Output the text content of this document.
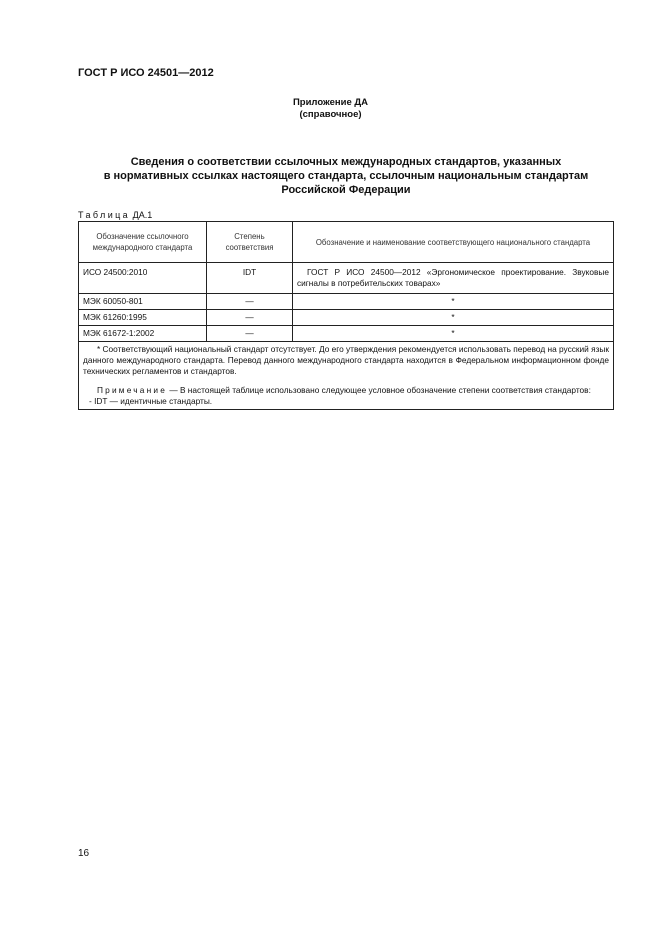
ГОСТ Р ИСО 24501—2012
Приложение ДА
(справочное)
Сведения о соответствии ссылочных международных стандартов, указанных
в нормативных ссылках настоящего стандарта, ссылочным национальным стандартам
Российской Федерации
Таблица ДА.1
Обозначение ссылочного международного стандарта	Степень соответствия	Обозначение и наименование соответствующего национального стандарта
ИСО 24500:2010	IDT	ГОСТ Р ИСО 24500—2012 «Эргономическое проектирование. Звуковые сигналы в потребительских товарах»
МЭК 60050-801	—	*
МЭК 61260:1995	—	*
МЭК 61672-1:2002	—	*

* Соответствующий национальный стандарт отсутствует. До его утверждения рекомендуется использовать перевод на русский язык данного международного стандарта. Перевод данного международного стандарта находится в Федеральном информационном фонде технических регламентов и стандартов.

Примечание — В настоящей таблице использовано следующее условное обозначение степени соответствия стандартов:

- IDT — идентичные стандарты.		

16
